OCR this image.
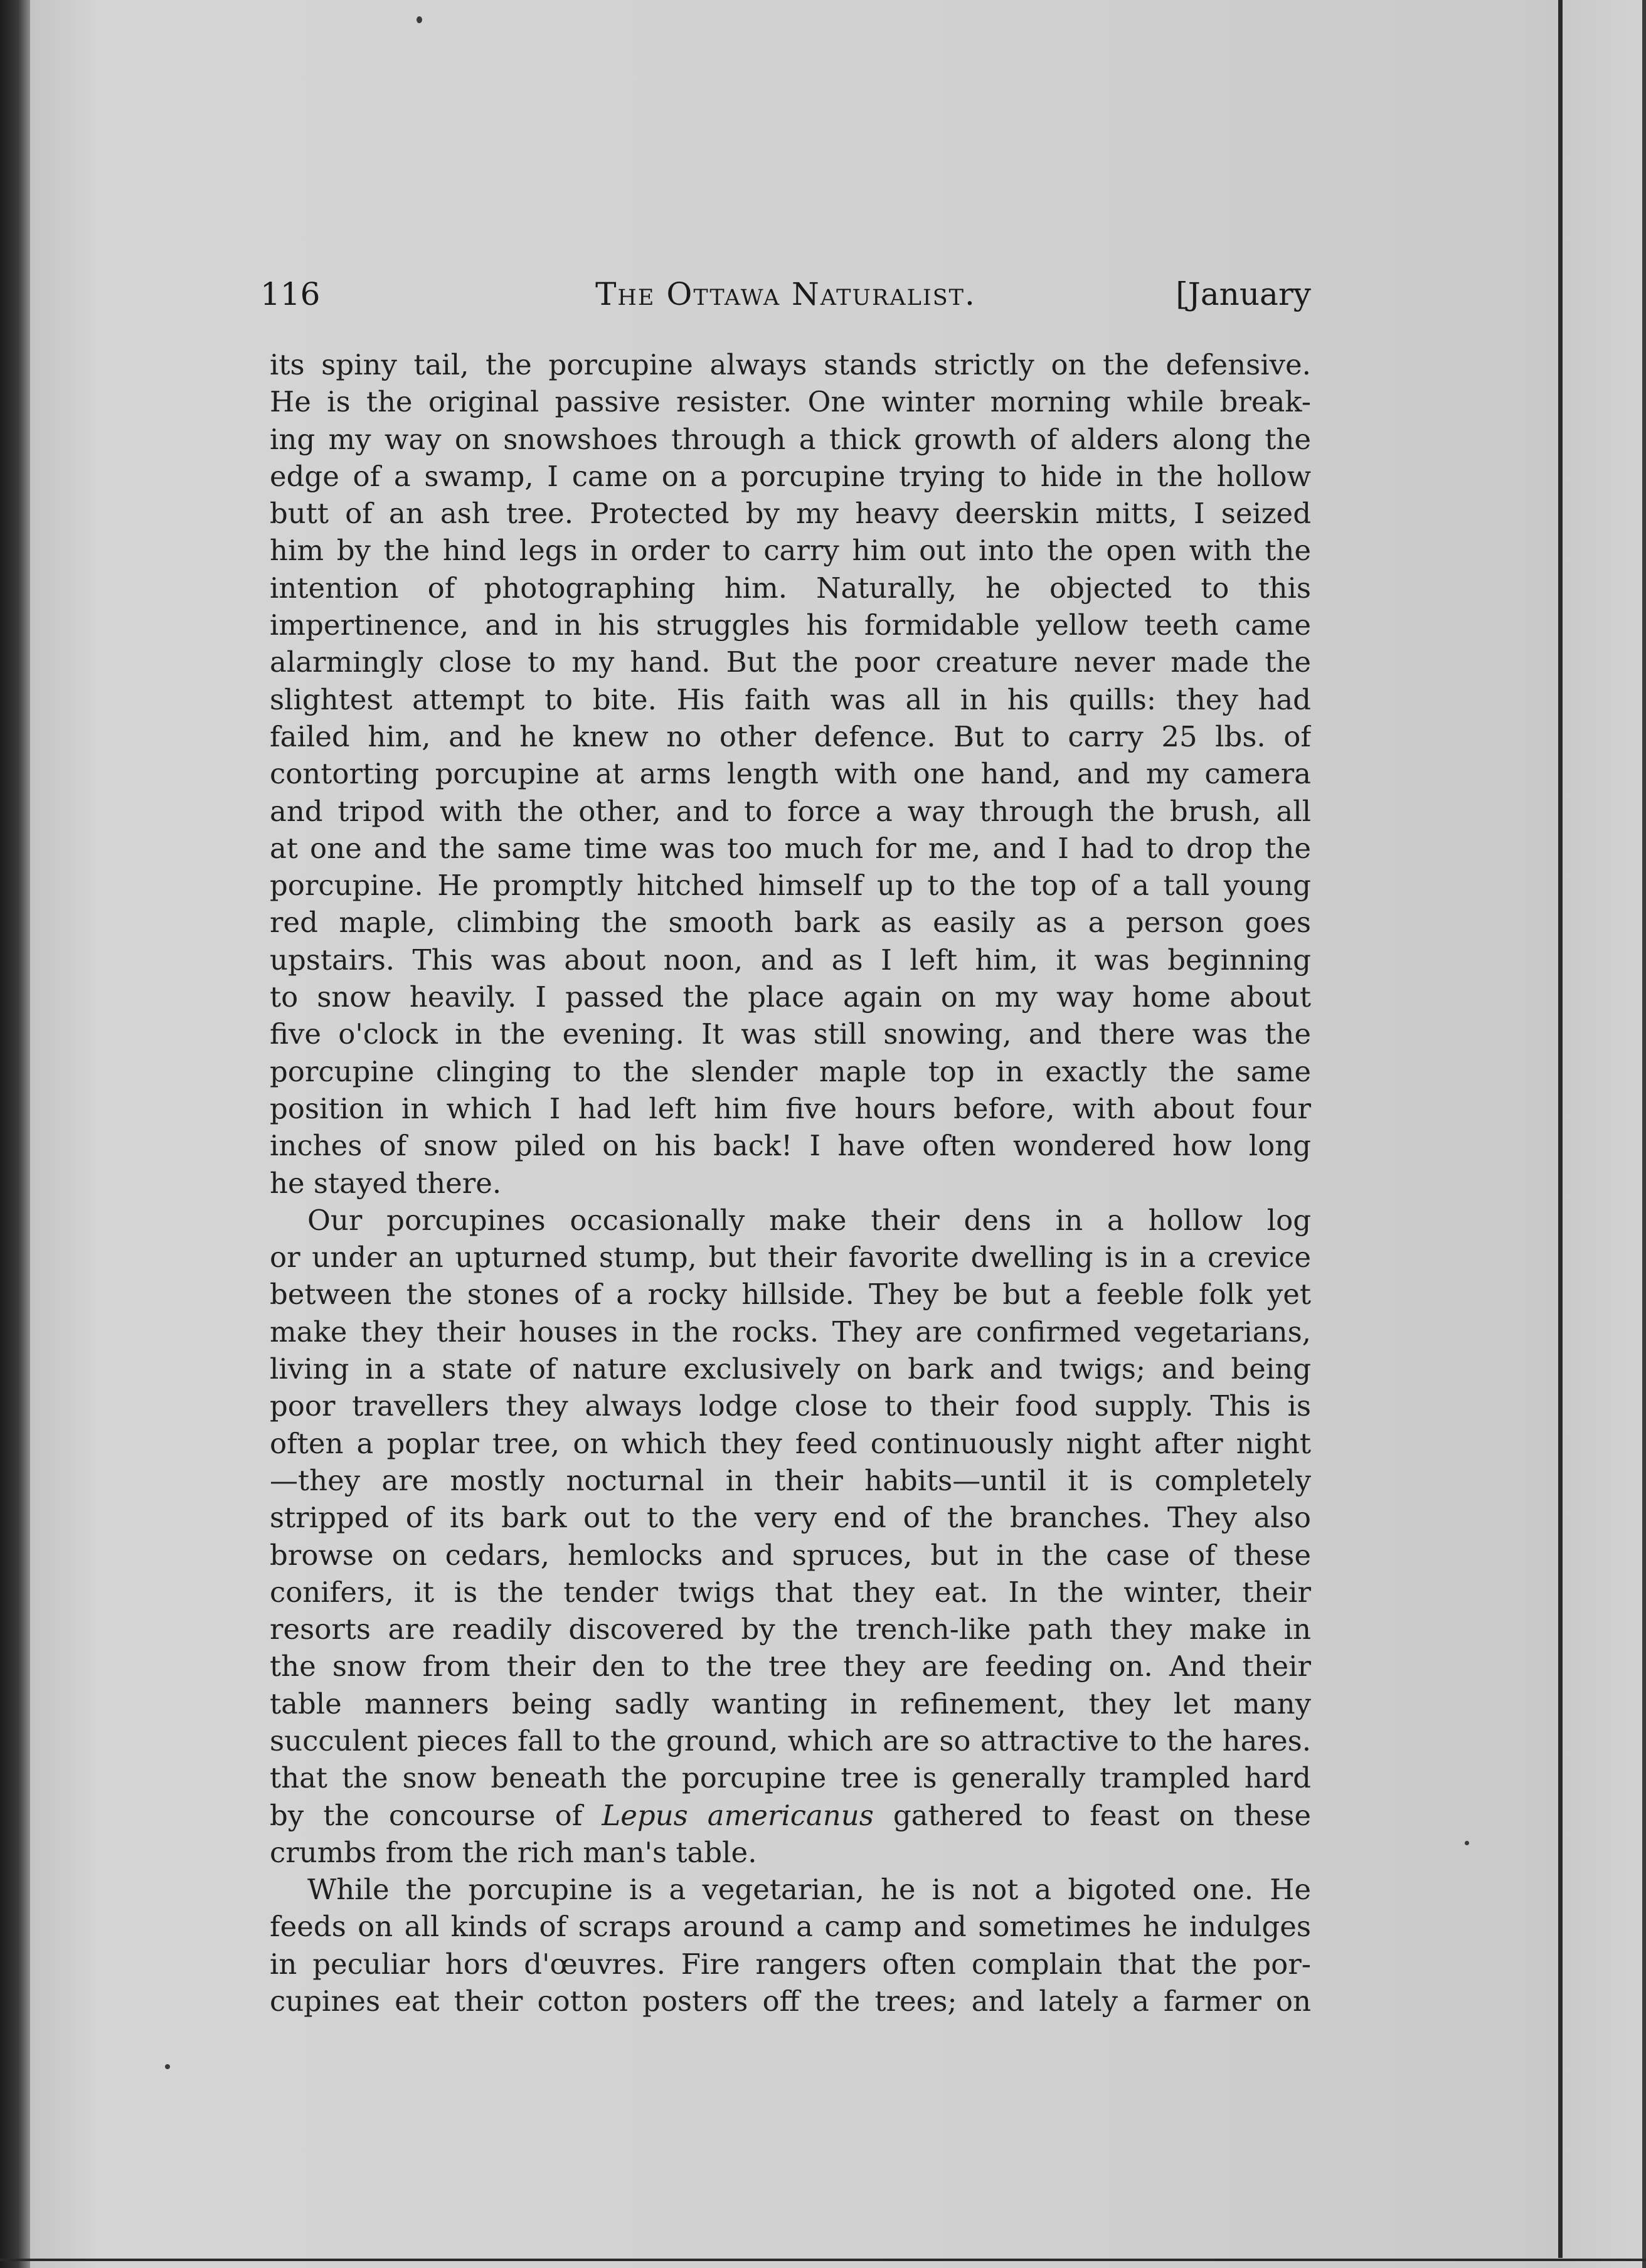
116	The Ottawa Naturalist.	[January
its spiny tail, the porcupine always stands strictly on the defensive.
He is the original passive resister. One winter morning while break-
ing my way on snowshoes through a thick growth of alders along the
edge of a swamp, I came on a porcupine trying to hide in the hollow
butt of an ash tree. Protected by my heavy deerskin mitts, I seized
him by the hind legs in order to carry him out into the open with the
intention of photographing him. Naturally, he objected to this
impertinence, and in his struggles his formidable yellow teeth came
alarmingly close to my hand. But the poor creature never made the
slightest attempt to bite. His faith was all in his quills: they had
failed him, and he knew no other defence. But to carry 25 lbs. of
contorting porcupine at arms length with one hand, and my camera
and tripod with the other, and to force a way through the brush, all
at one and the same time was too much for me, and I had to drop the
porcupine. He promptly hitched himself up to the top of a tall young
red maple, climbing the smooth bark as easily as a person goes
upstairs. This was about noon, and as I left him, it was beginning
to snow heavily. I passed the place again on my way home about
five o'clock in the evening. It was still snowing, and there was the
porcupine clinging to the slender maple top in exactly the same
position in which I had left him five hours before, with about four
inches of snow piled on his back! I have often wondered how long
he stayed there.
Our porcupines occasionally make their dens in a hollow log
or under an upturned stump, but their favorite dwelling is in a crevice
between the stones of a rocky hillside. They be but a feeble folk yet
make they their houses in the rocks. They are confirmed vegetarians,
living in a state of nature exclusively on bark and twigs; and being
poor travellers they always lodge close to their food supply. This is
often a poplar tree, on which they feed continuously night after night
—they are mostly nocturnal in their habits—until it is completely
stripped of its bark out to the very end of the branches. They also
browse on cedars, hemlocks and spruces, but in the case of these
conifers, it is the tender twigs that they eat. In the winter, their
resorts are readily discovered by the trench-like path they make in
the snow from their den to the tree they are feeding on. And their
table manners being sadly wanting in refinement, they let many
succulent pieces fall to the ground, which are so attractive to the hares.
that the snow beneath the porcupine tree is generally trampled hard
by the concourse of Lepus americanus gathered to feast on these
crumbs from the rich man's table.
While the porcupine is a vegetarian, he is not a bigoted one. He
feeds on all kinds of scraps around a camp and sometimes he indulges
in peculiar hors d'œuvres. Fire rangers often complain that the por-
cupines eat their cotton posters off the trees; and lately a farmer on
